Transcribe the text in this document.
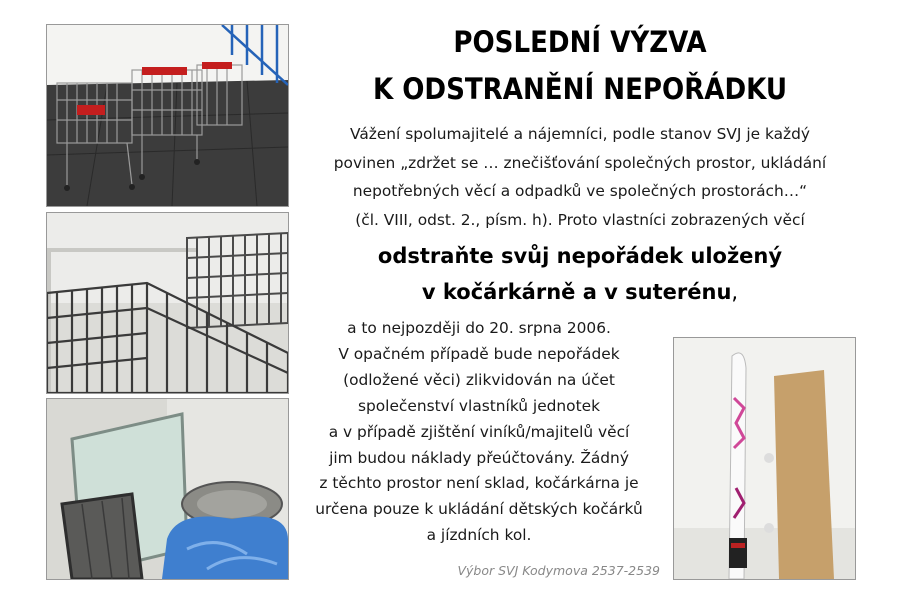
POSLEDNÍ VÝZVA
K ODSTRANĚNÍ NEPOŘÁDKU
Vážení spolumajitelé a nájemníci, podle stanov SVJ je každý
povinen „zdržet se … znečišťování společných prostor, ukládání
nepotřebných věcí a odpadků ve společných prostorách…“
(čl. VIII, odst. 2., písm. h). Proto vlastníci zobrazených věcí
odstraňte svůj nepořádek uložený
v kočárkárně a v suterénu,
a to nejpozději do 20. srpna 2006.
V opačném případě bude nepořádek
(odložené věci) zlikvidován na účet
společenství vlastníků jednotek
a v případě zjištění viníků/majitelů věcí
jim budou náklady přeúčtovány. Žádný
z těchto prostor není sklad, kočárkárna je
určena pouze k ukládání dětských kočárků
a jízdních kol.
Výbor SVJ Kodymova 2537-2539
